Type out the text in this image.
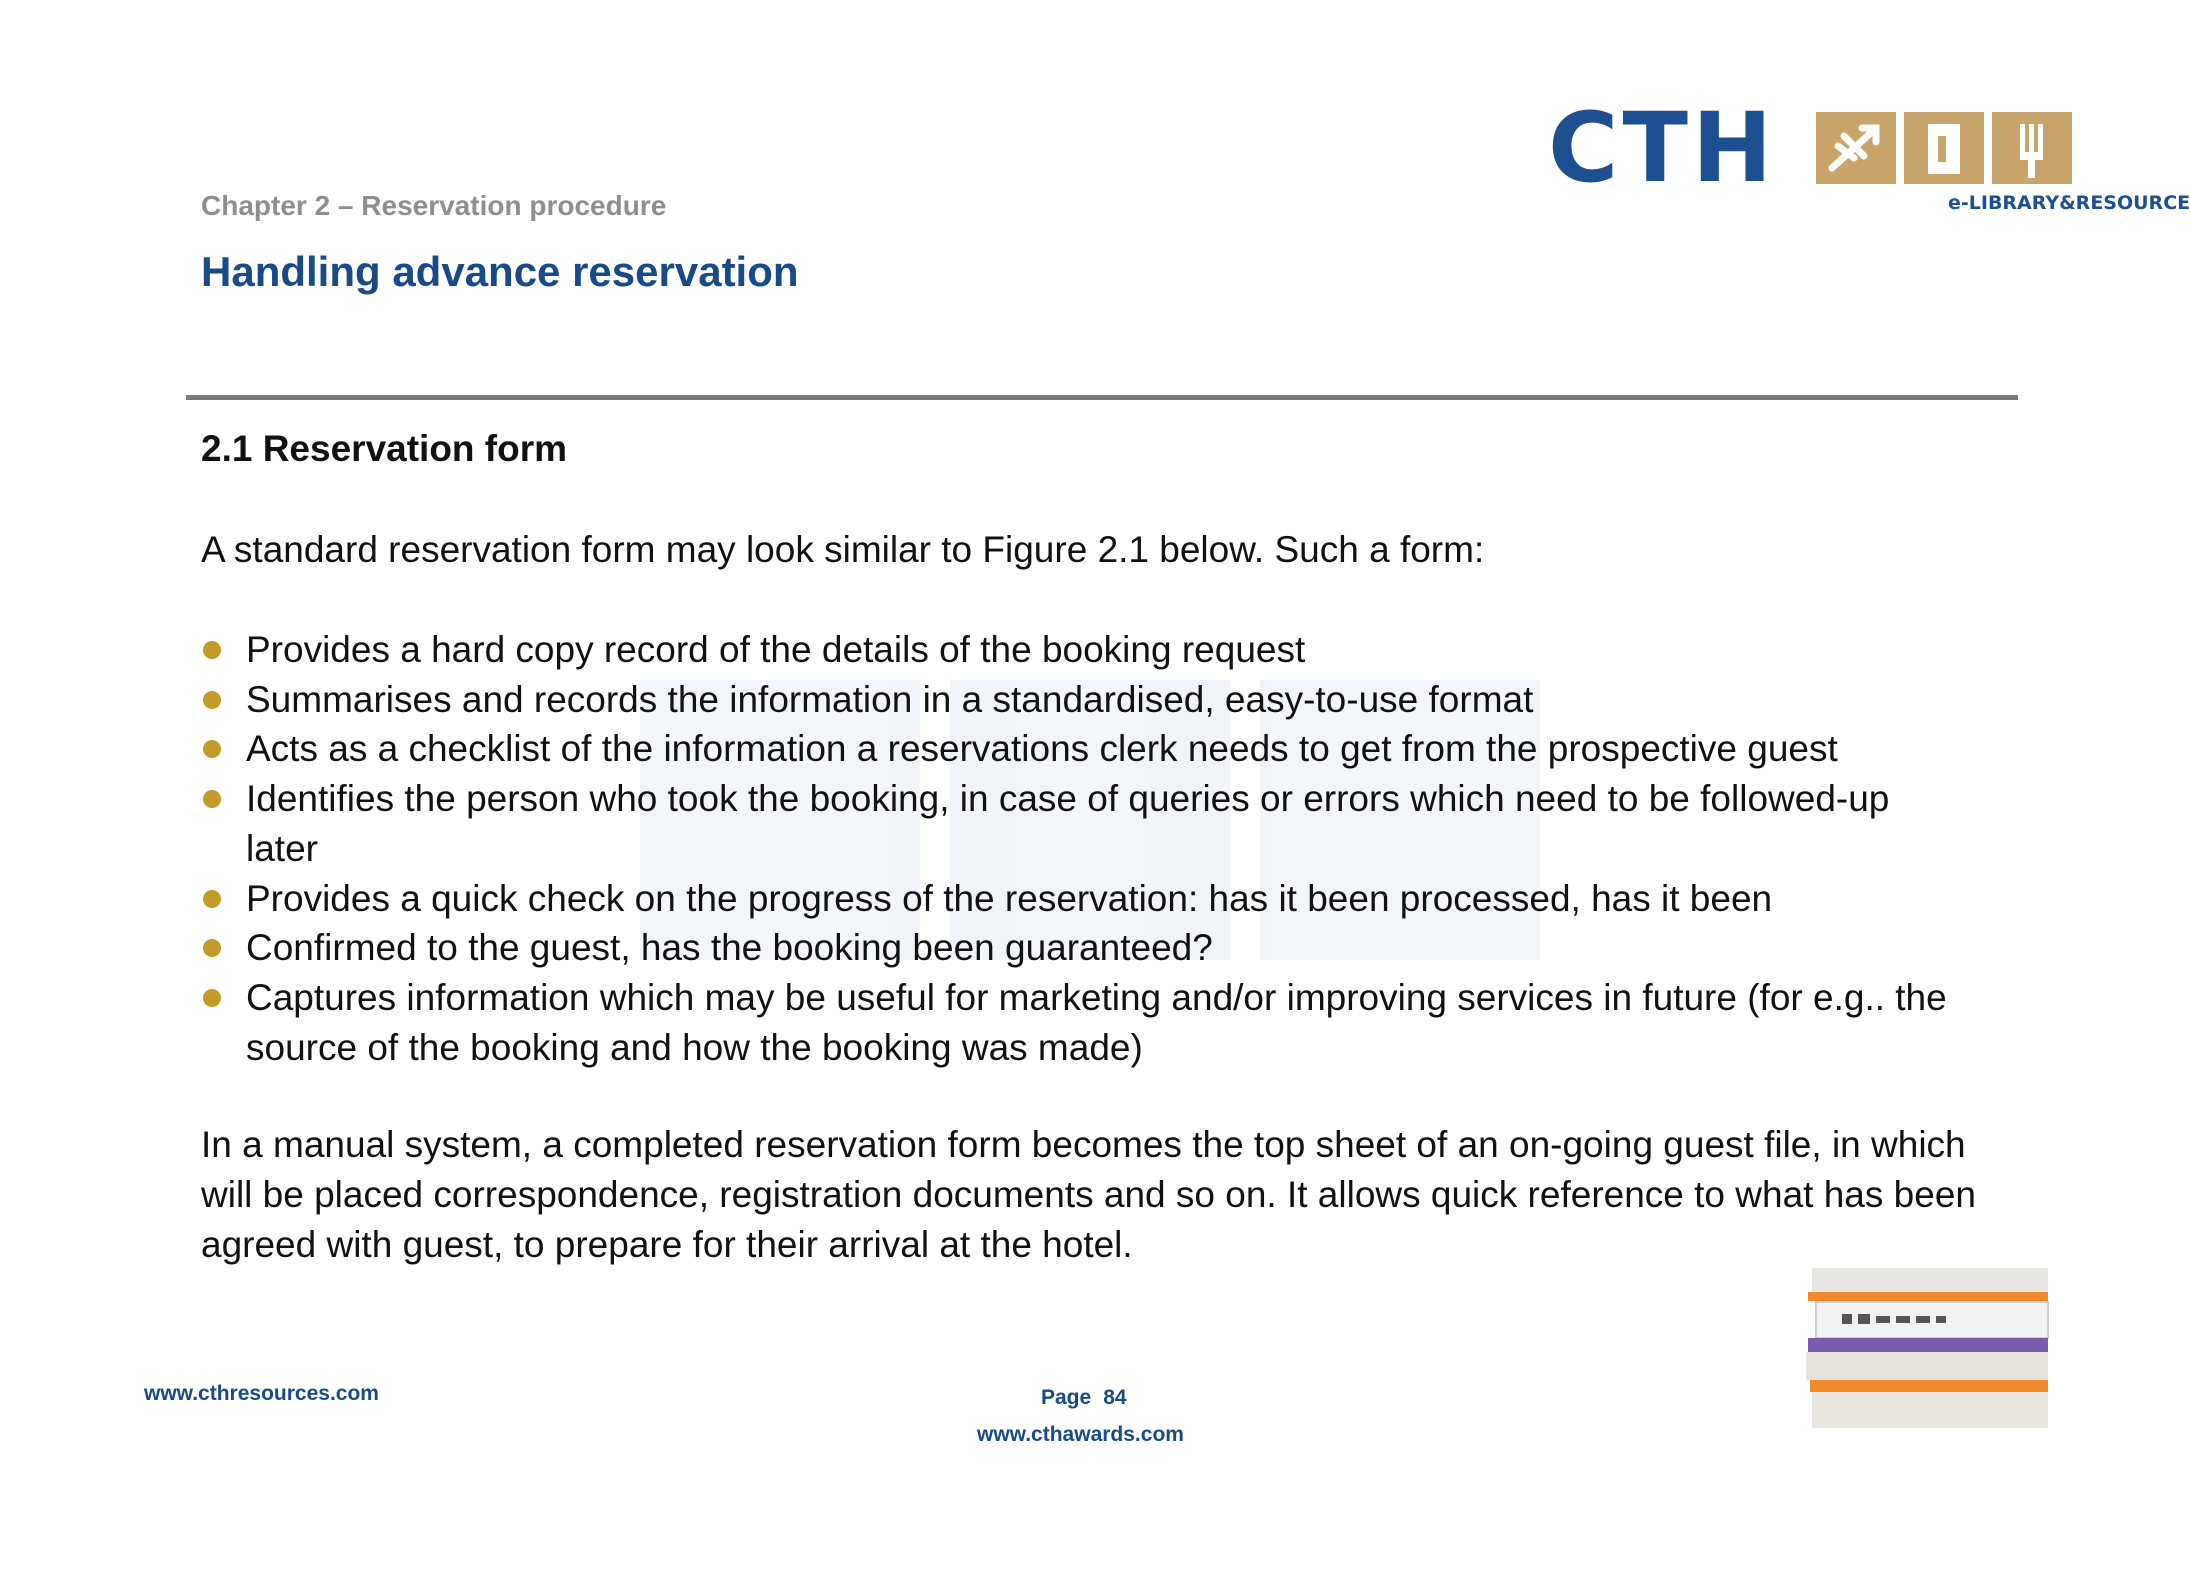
CTH	e-LIBRARY&RESOURCE
Chapter 2 – Reservation procedure
Handling advance reservation
2.1 Reservation form
A standard reservation form may look similar to Figure 2.1 below. Such a form:
Provides a hard copy record of the details of the booking request
Summarises and records the information in a standardised, easy-to-use format
Acts as a checklist of the information a reservations clerk needs to get from the prospective guest
Identifies the person who took the booking, in case of queries or errors which need to be followed-up later
Provides a quick check on the progress of the reservation: has it been processed, has it been
Confirmed to the guest, has the booking been guaranteed?
Captures information which may be useful for marketing and/or improving services in future (for e.g.. the source of the booking and how the booking was made)
In a manual system, a completed reservation form becomes the top sheet of an on-going guest file, in which will be placed correspondence, registration documents and so on. It allows quick reference to what has been agreed with guest, to prepare for their arrival at the hotel.
www.cthresources.com	Page 84
www.cthawards.com
